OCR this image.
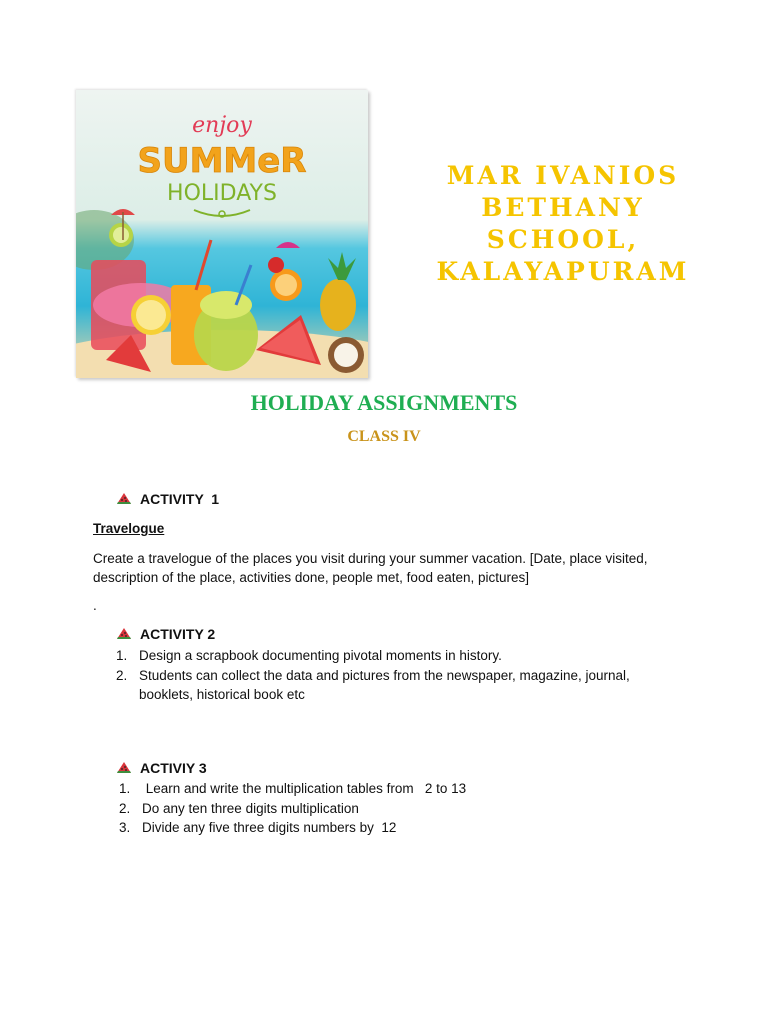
enjoy
SUMMeR
HOLIDAYS
MAR IVANIOS
BETHANY
SCHOOL,
KALAYAPURAM
HOLIDAY ASSIGNMENTS
CLASS IV
ACTIVITY  1
Travelogue
Create a travelogue of the places you visit during your summer vacation. [Date, place visited,
description of the place, activities done, people met, food eaten, pictures]
.
ACTIVITY 2
1. Design a scrapbook documenting pivotal moments in history.
2. Students can collect the data and pictures from the newspaper, magazine, journal,
booklets, historical book etc
ACTIVIY 3
1. Learn and write the multiplication tables from   2 to 13
2. Do any ten three digits multiplication
3. Divide any five three digits numbers by  12
